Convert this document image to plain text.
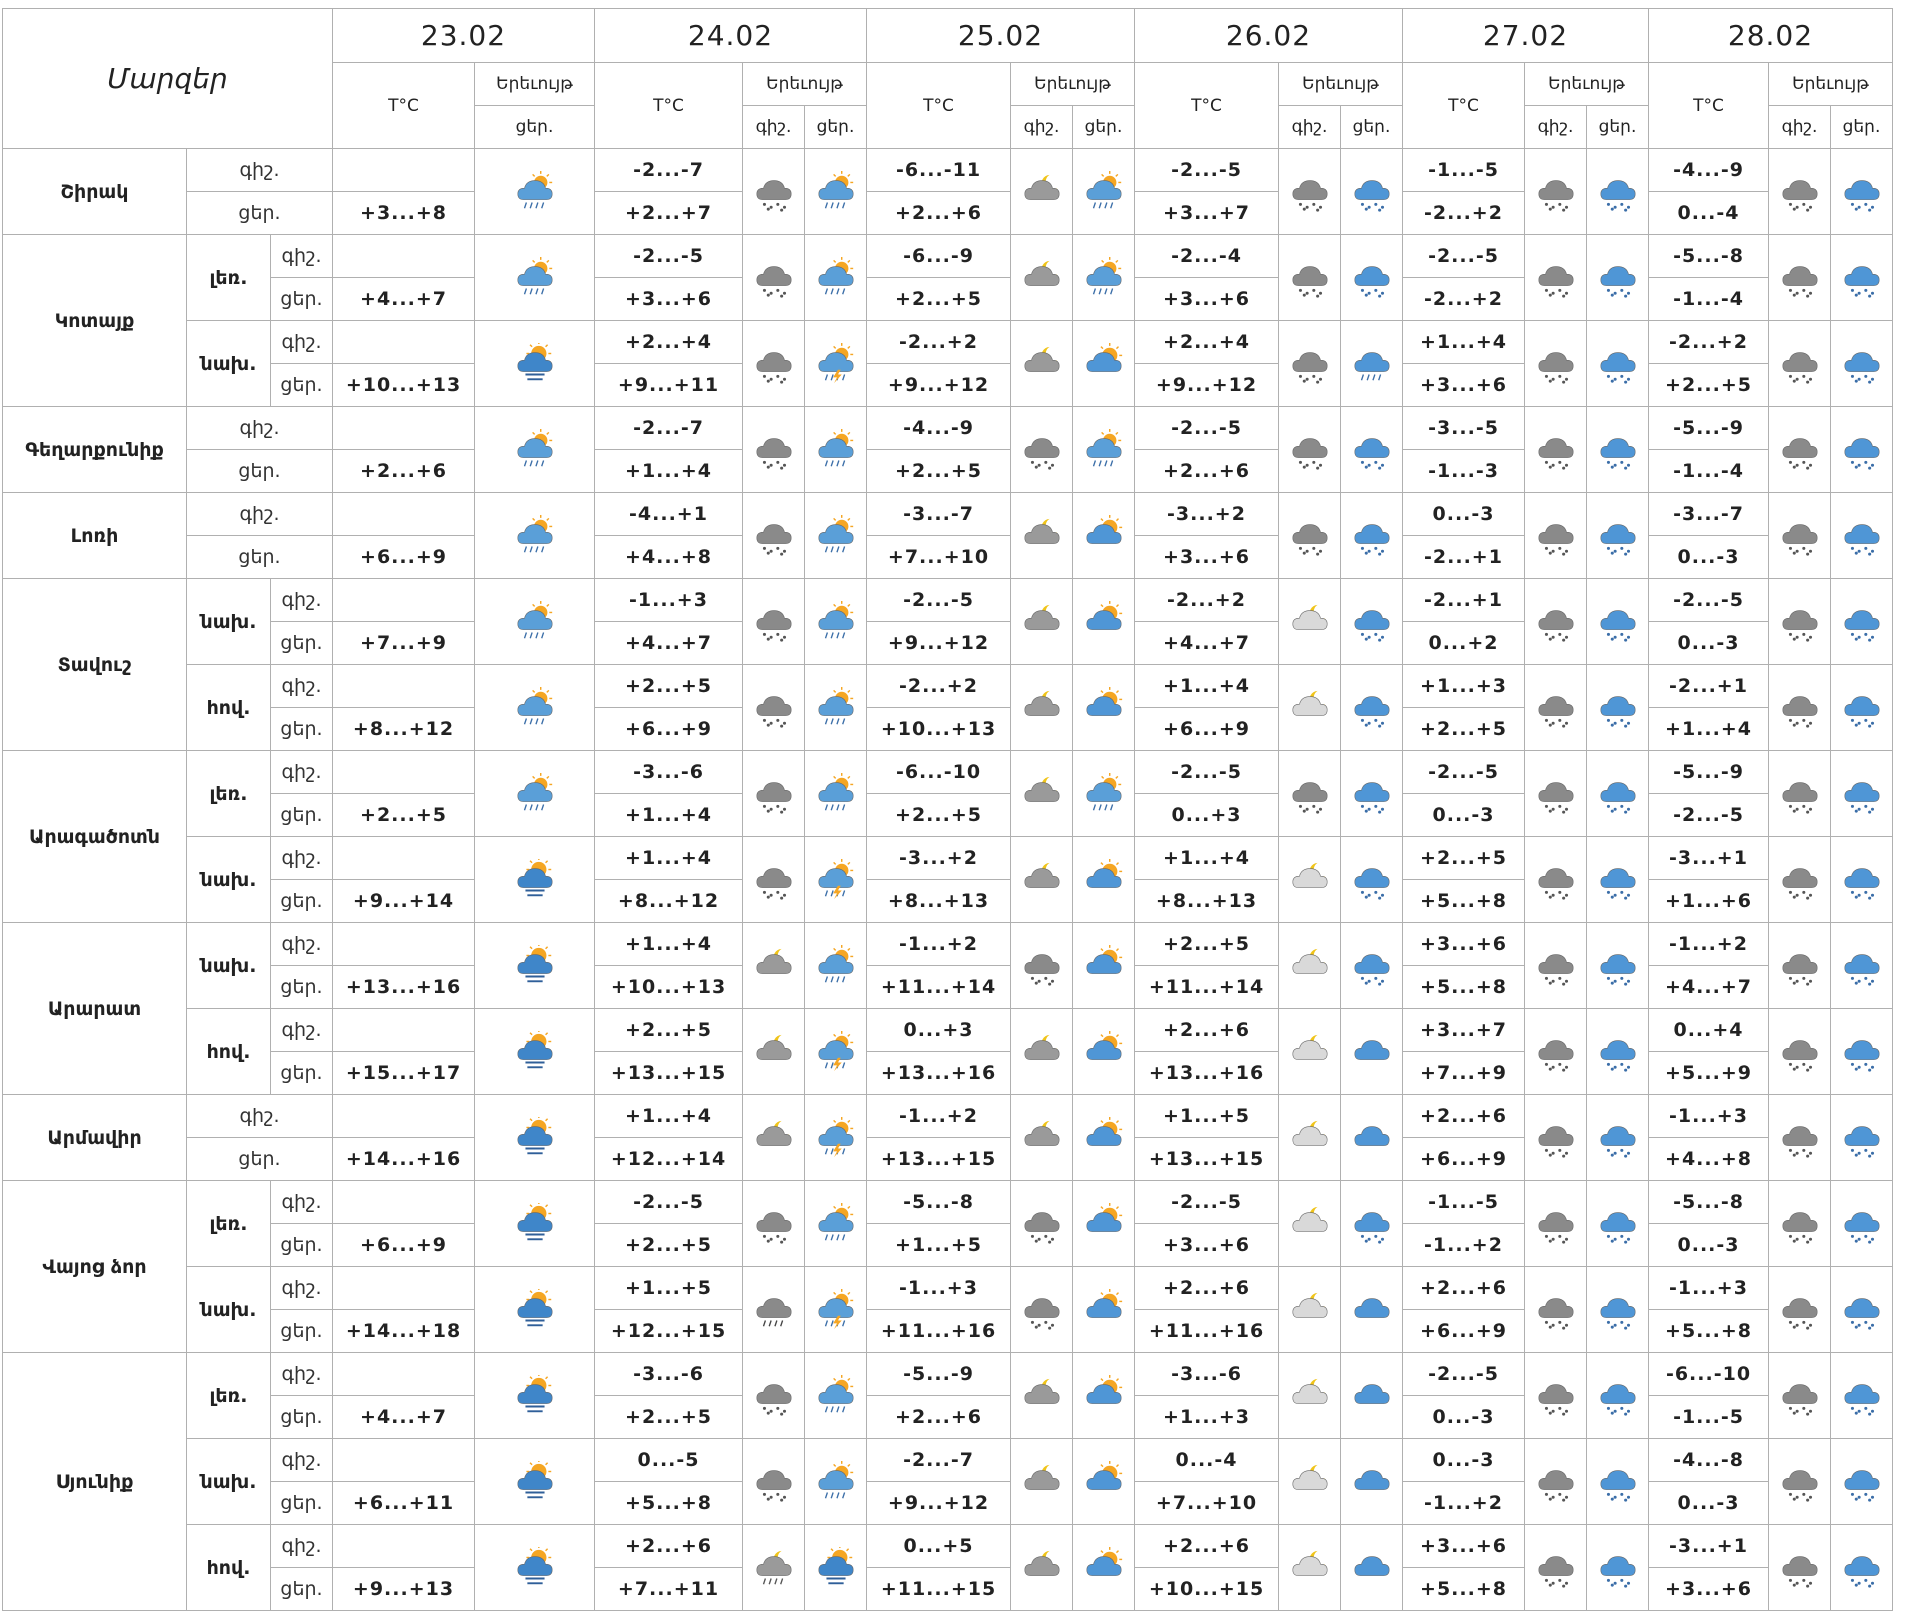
Մարզեր			23.02		24.02			25.02			26.02			27.02			28.02		
			T°C	Երեւույթ	T°C	Երեւույթ		T°C	Երեւույթ		T°C	Երեւույթ		T°C	Երեւույթ		T°C	Երեւույթ	
				ցեր.		գիշ.	ցեր.		գիշ.	ցեր.		գիշ.	ցեր.		գիշ.	ցեր.		գիշ.	ցեր.
Շիրակ	գիշ.				-2...-7			-6...-11			-2...-5			-1...-5			-4...-9		
	ցեր.		+3...+8		+2...+7			+2...+6			+3...+7			-2...+2			0...-4		
Կոտայք	լեռ.	գիշ.			-2...-5			-6...-9			-2...-4			-2...-5			-5...-8		
		ցեր.	+4...+7		+3...+6			+2...+5			+3...+6			-2...+2			-1...-4		
	նախ.	գիշ.			+2...+4			-2...+2			+2...+4			+1...+4			-2...+2		
		ցեր.	+10...+13		+9...+11			+9...+12			+9...+12			+3...+6			+2...+5		
Գեղարքունիք	գիշ.				-2...-7			-4...-9			-2...-5			-3...-5			-5...-9		
	ցեր.		+2...+6		+1...+4			+2...+5			+2...+6			-1...-3			-1...-4		
Լոռի	գիշ.				-4...+1			-3...-7			-3...+2			0...-3			-3...-7		
	ցեր.		+6...+9		+4...+8			+7...+10			+3...+6			-2...+1			0...-3		
Տավուշ	նախ.	գիշ.			-1...+3			-2...-5			-2...+2			-2...+1			-2...-5		
		ցեր.	+7...+9		+4...+7			+9...+12			+4...+7			0...+2			0...-3		
	հով.	գիշ.			+2...+5			-2...+2			+1...+4			+1...+3			-2...+1		
		ցեր.	+8...+12		+6...+9			+10...+13			+6...+9			+2...+5			+1...+4		
Արագածոտն	լեռ.	գիշ.			-3...-6			-6...-10			-2...-5			-2...-5			-5...-9		
		ցեր.	+2...+5		+1...+4			+2...+5			0...+3			0...-3			-2...-5		
	նախ.	գիշ.			+1...+4			-3...+2			+1...+4			+2...+5			-3...+1		
		ցեր.	+9...+14		+8...+12			+8...+13			+8...+13			+5...+8			+1...+6		
Արարատ	նախ.	գիշ.			+1...+4			-1...+2			+2...+5			+3...+6			-1...+2		
		ցեր.	+13...+16		+10...+13			+11...+14			+11...+14			+5...+8			+4...+7		
	հով.	գիշ.			+2...+5			0...+3			+2...+6			+3...+7			0...+4		
		ցեր.	+15...+17		+13...+15			+13...+16			+13...+16			+7...+9			+5...+9		
Արմավիր	գիշ.				+1...+4			-1...+2			+1...+5			+2...+6			-1...+3		
	ցեր.		+14...+16		+12...+14			+13...+15			+13...+15			+6...+9			+4...+8		
Վայոց ձոր	լեռ.	գիշ.			-2...-5			-5...-8			-2...-5			-1...-5			-5...-8		
		ցեր.	+6...+9		+2...+5			+1...+5			+3...+6			-1...+2			0...-3		
	նախ.	գիշ.			+1...+5			-1...+3			+2...+6			+2...+6			-1...+3		
		ցեր.	+14...+18		+12...+15			+11...+16			+11...+16			+6...+9			+5...+8		
Սյունիք	լեռ.	գիշ.			-3...-6			-5...-9			-3...-6			-2...-5			-6...-10		
		ցեր.	+4...+7		+2...+5			+2...+6			+1...+3			0...-3			-1...-5		
	նախ.	գիշ.			0...-5			-2...-7			0...-4			0...-3			-4...-8		
		ցեր.	+6...+11		+5...+8			+9...+12			+7...+10			-1...+2			0...-3		
	հով.	գիշ.			+2...+6			0...+5			+2...+6			+3...+6			-3...+1		
		ցեր.	+9...+13		+7...+11			+11...+15			+10...+15			+5...+8			+3...+6		
